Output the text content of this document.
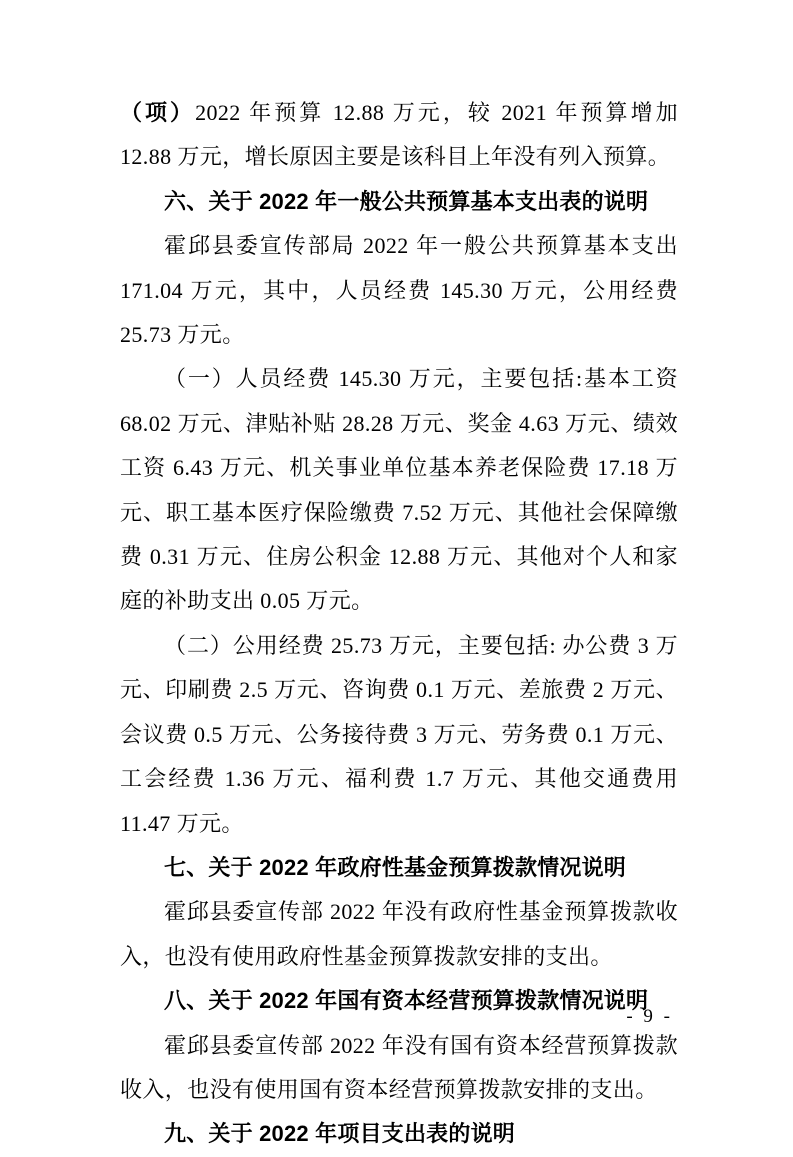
（项）2022 年预算 12.88 万元，较 2021 年预算增加 12.88 万元，增长原因主要是该科目上年没有列入预算。

六、关于 2022 年一般公共预算基本支出表的说明

霍邱县委宣传部局 2022 年一般公共预算基本支出 171.04 万元，其中，人员经费 145.30 万元，公用经费 25.73 万元。

（一）人员经费 145.30 万元，主要包括:基本工资 68.02 万元、津贴补贴 28.28 万元、奖金 4.63 万元、绩效工资 6.43 万元、机关事业单位基本养老保险费 17.18 万元、职工基本医疗保险缴费 7.52 万元、其他社会保障缴费 0.31 万元、住房公积金 12.88 万元、其他对个人和家庭的补助支出 0.05 万元。

（二）公用经费 25.73 万元，主要包括: 办公费 3 万元、印刷费 2.5 万元、咨询费 0.1 万元、差旅费 2 万元、会议费 0.5 万元、公务接待费 3 万元、劳务费 0.1 万元、工会经费 1.36 万元、福利费 1.7 万元、其他交通费用 11.47 万元。

七、关于 2022 年政府性基金预算拨款情况说明

霍邱县委宣传部 2022 年没有政府性基金预算拨款收入，也没有使用政府性基金预算拨款安排的支出。

八、关于 2022 年国有资本经营预算拨款情况说明

霍邱县委宣传部 2022 年没有国有资本经营预算拨款收入，也没有使用国有资本经营预算拨款安排的支出。

九、关于 2022 年项目支出表的说明

- 9 -
